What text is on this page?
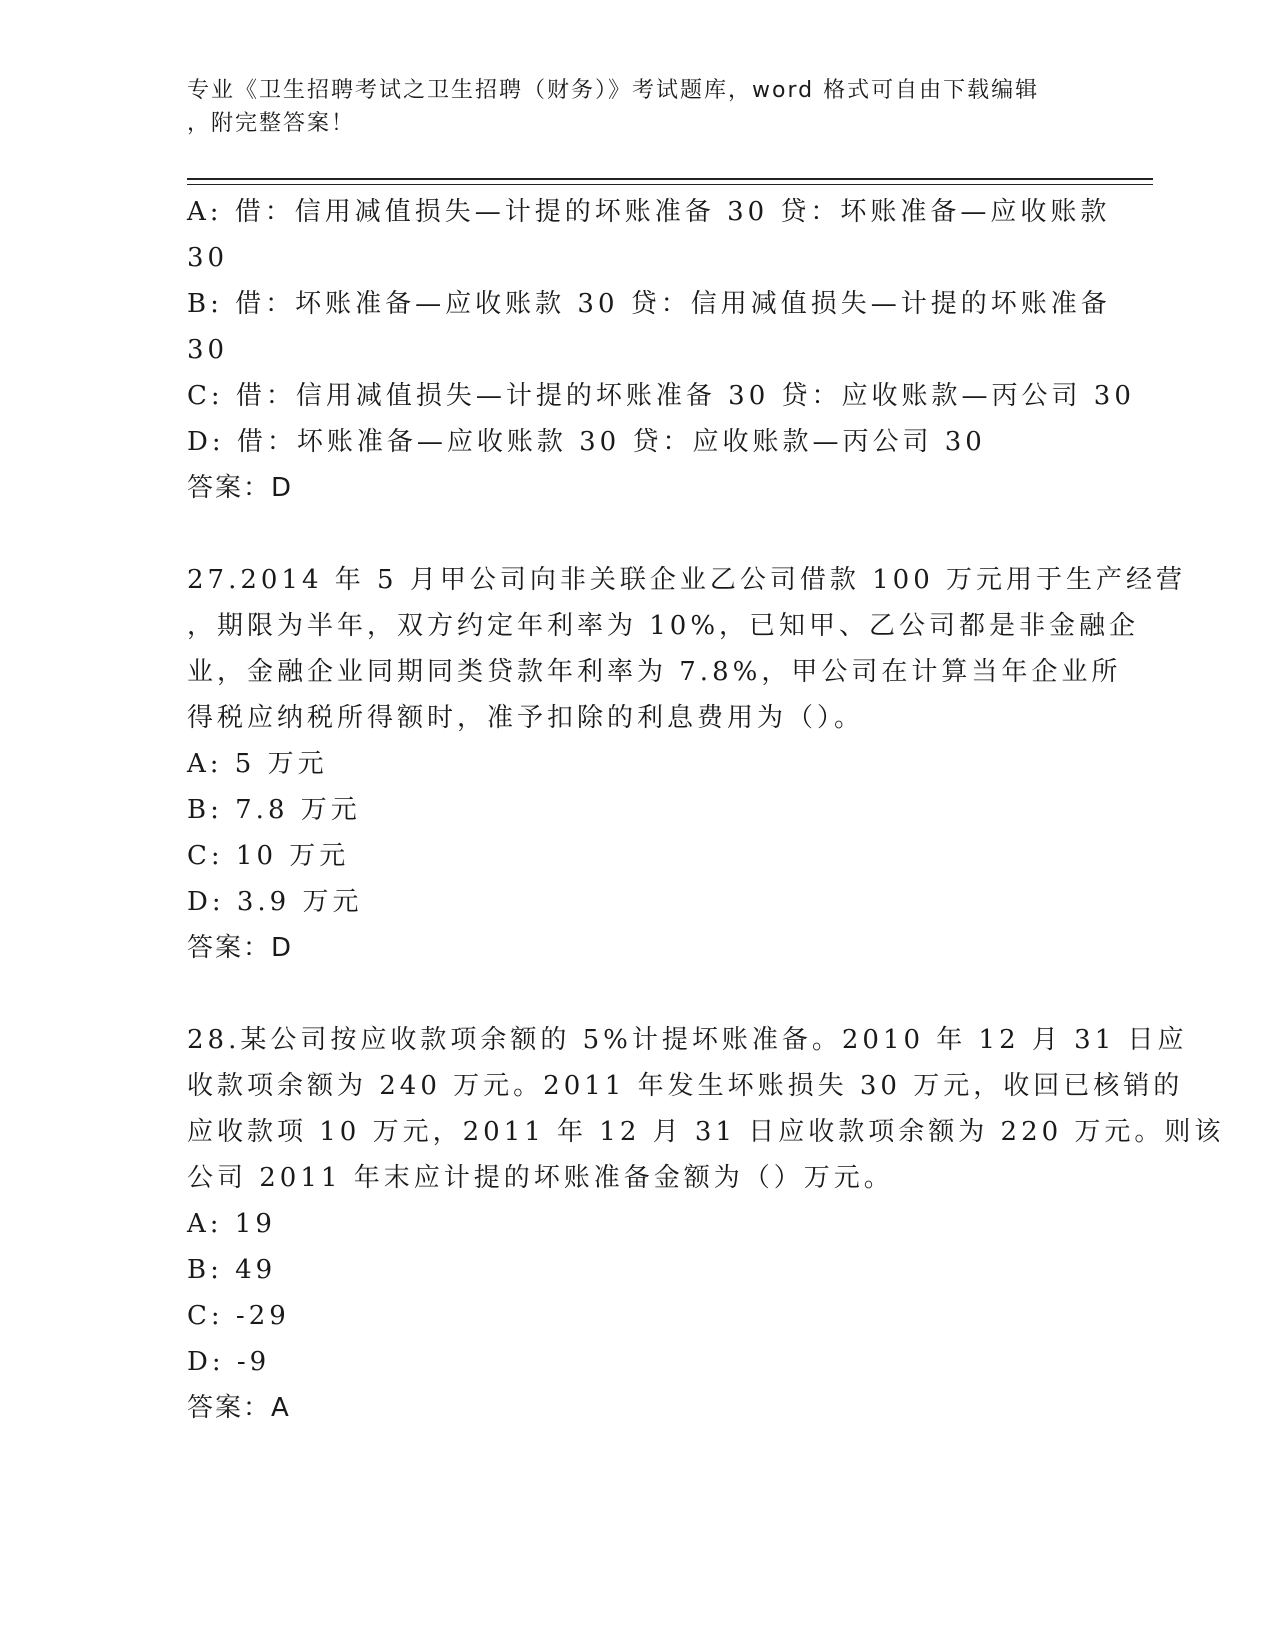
专业《卫生招聘考试之卫生招聘（财务）》考试题库，word 格式可自由下载编辑
，附完整答案！
A: 借：信用减值损失—计提的坏账准备 30 贷：坏账准备—应收账款
30
B: 借：坏账准备—应收账款 30 贷：信用减值损失—计提的坏账准备
30
C: 借：信用减值损失—计提的坏账准备 30 贷：应收账款—丙公司 30
D: 借：坏账准备—应收账款 30 贷：应收账款—丙公司 30
答案：D
27.2014 年 5 月甲公司向非关联企业乙公司借款 100 万元用于生产经营
，期限为半年，双方约定年利率为 10%，已知甲、乙公司都是非金融企
业，金融企业同期同类贷款年利率为 7.8%，甲公司在计算当年企业所
得税应纳税所得额时，准予扣除的利息费用为（）。
A: 5 万元
B: 7.8 万元
C: 10 万元
D: 3.9 万元
答案：D
28.某公司按应收款项余额的 5%计提坏账准备。2010 年 12 月 31 日应
收款项余额为 240 万元。2011 年发生坏账损失 30 万元，收回已核销的
应收款项 10 万元，2011 年 12 月 31 日应收款项余额为 220 万元。则该
公司 2011 年末应计提的坏账准备金额为（）万元。
A: 19
B: 49
C: -29
D: -9
答案：A
